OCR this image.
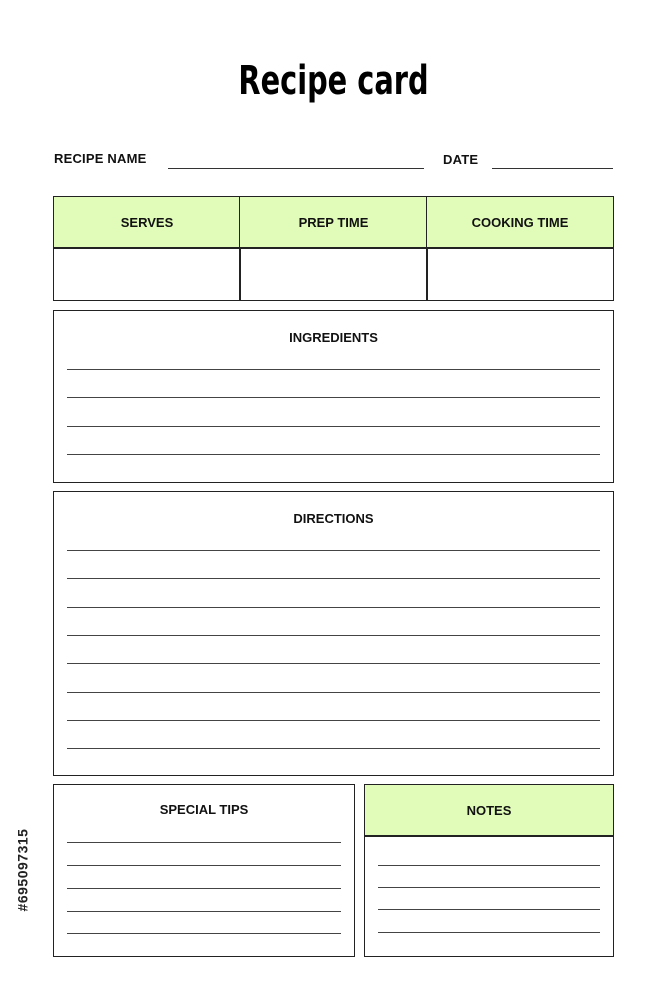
Recipe card
RECIPE NAME	DATE
SERVES	PREP TIME	COOKING TIME
INGREDIENTS
DIRECTIONS
SPECIAL TIPS	NOTES
#695097315
